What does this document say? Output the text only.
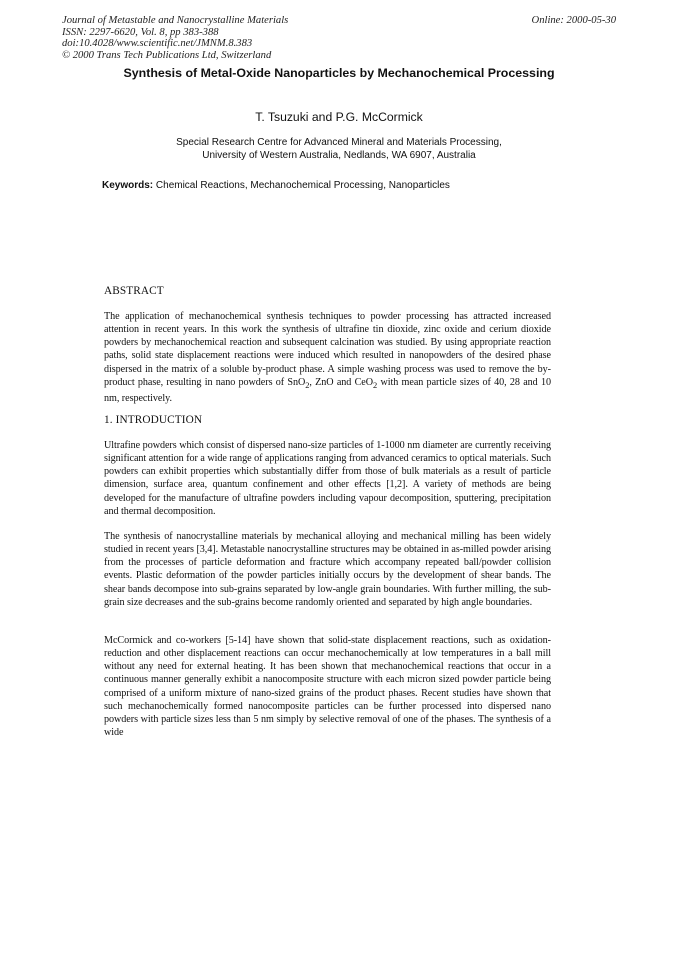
Journal of Metastable and Nanocrystalline Materials
ISSN: 2297-6620, Vol. 8, pp 383-388
doi:10.4028/www.scientific.net/JMNM.8.383
© 2000 Trans Tech Publications Ltd, Switzerland
Online: 2000-05-30
Synthesis of Metal-Oxide Nanoparticles by Mechanochemical Processing
T. Tsuzuki and P.G. McCormick
Special Research Centre for Advanced Mineral and Materials Processing,
University of Western Australia, Nedlands, WA 6907, Australia
Keywords: Chemical Reactions, Mechanochemical Processing, Nanoparticles
ABSTRACT
The application of mechanochemical synthesis techniques to powder processing has attracted increased attention in recent years. In this work the synthesis of ultrafine tin dioxide, zinc oxide and cerium dioxide powders by mechanochemical reaction and subsequent calcination was studied. By using appropriate reaction paths, solid state displacement reactions were induced which resulted in nanopowders of the desired phase dispersed in the matrix of a soluble by-product phase. A simple washing process was used to remove the by-product phase, resulting in nano powders of SnO$_2$, ZnO and CeO$_2$ with mean particle sizes of 40, 28 and 10 nm, respectively.
1. INTRODUCTION
Ultrafine powders which consist of dispersed nano-size particles of 1-1000 nm diameter are currently receiving significant attention for a wide range of applications ranging from advanced ceramics to optical materials. Such powders can exhibit properties which substantially differ from those of bulk materials as a result of particle dimension, surface area, quantum confinement and other effects [1,2]. A variety of methods are being developed for the manufacture of ultrafine powders including vapour decomposition, sputtering, precipitation and thermal decomposition.
The synthesis of nanocrystalline materials by mechanical alloying and mechanical milling has been widely studied in recent years [3,4]. Metastable nanocrystalline structures may be obtained in as-milled powder arising from the processes of particle deformation and fracture which accompany repeated ball/powder collision events. Plastic deformation of the powder particles initially occurs by the development of shear bands. The shear bands decompose into sub-grains separated by low-angle grain boundaries. With further milling, the sub-grain size decreases and the sub-grains become randomly oriented and separated by high angle boundaries.
McCormick and co-workers [5-14] have shown that solid-state displacement reactions, such as oxidation-reduction and other displacement reactions can occur mechanochemically at low temperatures in a ball mill without any need for external heating. It has been shown that mechanochemical reactions that occur in a continuous manner generally exhibit a nanocomposite structure with each micron sized powder particle being comprised of a uniform mixture of nano-sized grains of the product phases. Recent studies have shown that such mechanochemically formed nanocomposite particles can be further processed into dispersed nano powders with particle sizes less than 5 nm simply by selective removal of one of the phases. The synthesis of a wide
